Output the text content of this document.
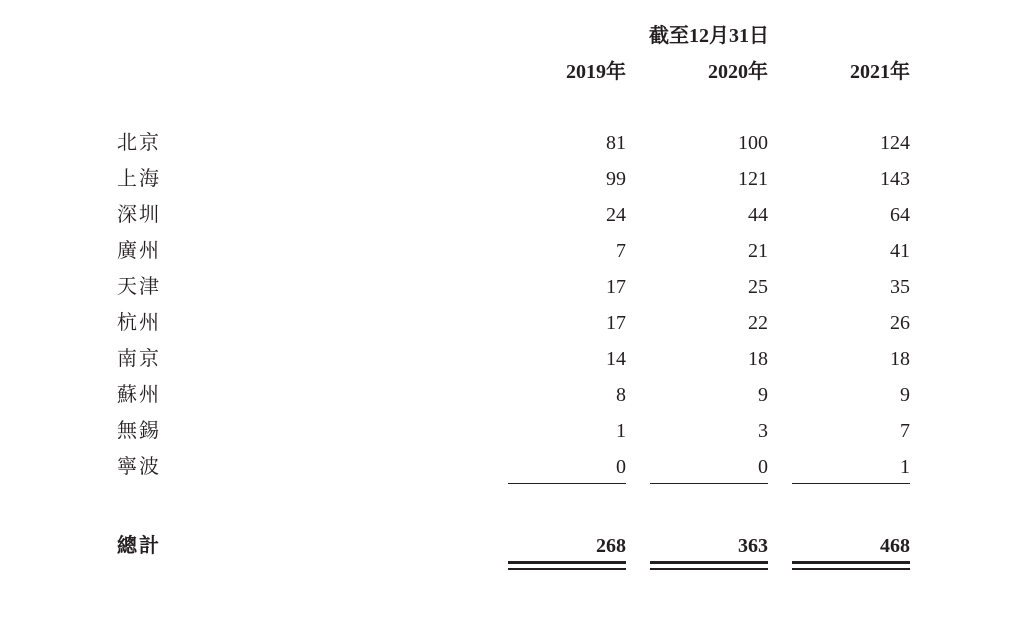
截至12月31日
2019年	2020年	2021年
北京	81	100	124
上海	99	121	143
深圳	24	44	64
廣州	7	21	41
天津	17	25	35
杭州	17	22	26
南京	14	18	18
蘇州	8	9	9
無錫	1	3	7
寧波	0	0	1
總計	268	363	468
